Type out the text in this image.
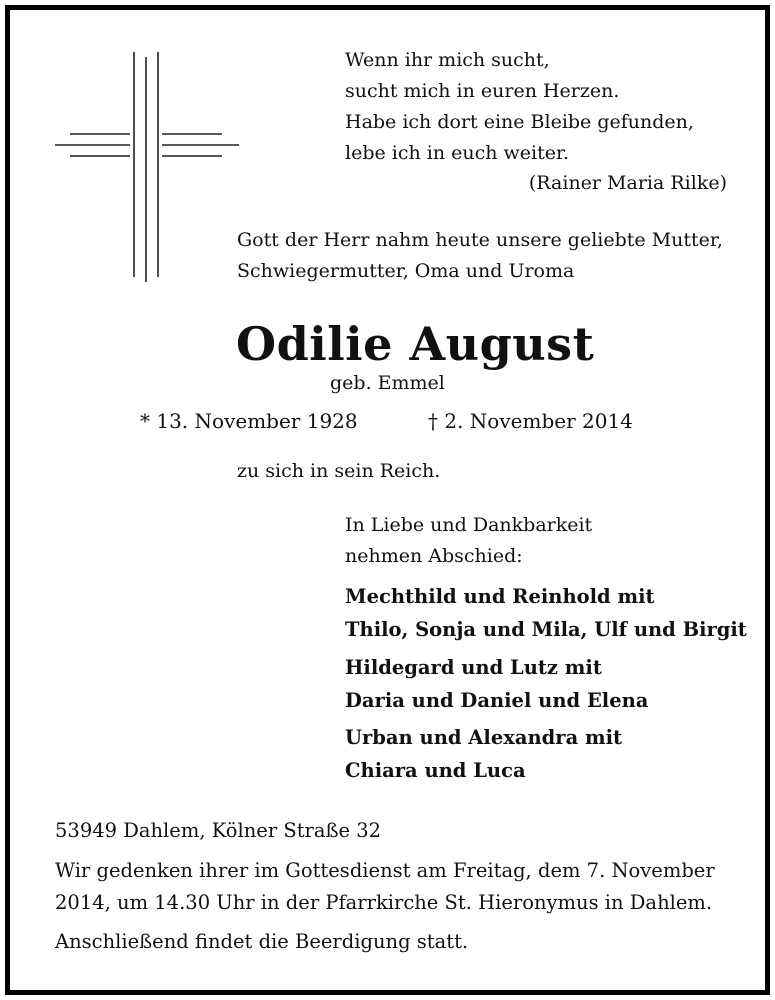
Wenn ihr mich sucht,
sucht mich in euren Herzen.
Habe ich dort eine Bleibe gefunden,
lebe ich in euch weiter.
(Rainer Maria Rilke)
Gott der Herr nahm heute unsere geliebte Mutter,
Schwiegermutter, Oma und Uroma
Odilie August
geb. Emmel
* 13. November 1928	† 2. November 2014
zu sich in sein Reich.
In Liebe und Dankbarkeit
nehmen Abschied:
Mechthild und Reinhold mit
Thilo, Sonja und Mila, Ulf und Birgit
Hildegard und Lutz mit
Daria und Daniel und Elena
Urban und Alexandra mit
Chiara und Luca
53949 Dahlem, Kölner Straße 32
Wir gedenken ihrer im Gottesdienst am Freitag, dem 7. November
2014, um 14.30 Uhr in der Pfarrkirche St. Hieronymus in Dahlem.
Anschließend findet die Beerdigung statt.
